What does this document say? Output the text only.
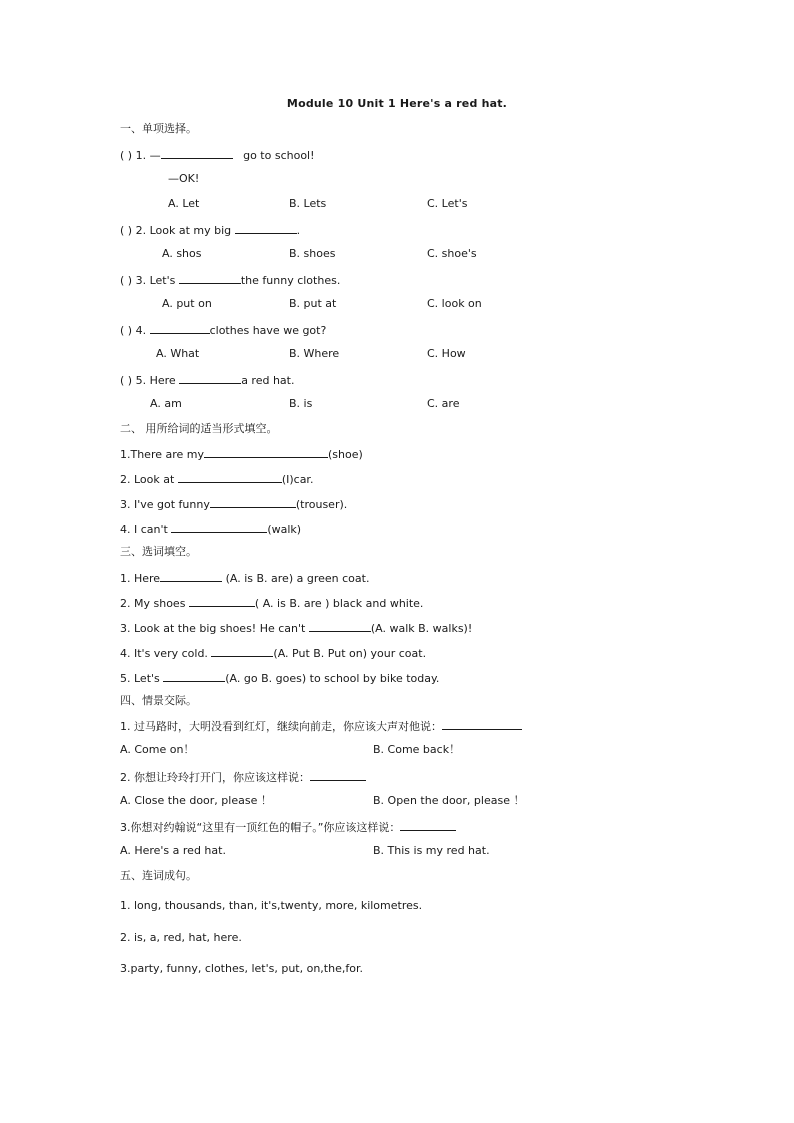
Module 10 Unit 1 Here's a red hat.
一、单项选择。
( ) 1. —	go to school!
—OK!
A. Let	B. Lets	C. Let's
( ) 2. Look at my big	.
A. shos	B. shoes	C. shoe's
( ) 3. Let's	the funny clothes.
A. put on	B. put at	C. look on
( ) 4.	clothes have we got?
A. What	B. Where	C. How
( ) 5. Here	a red hat.
A. am	B. is	C. are
二、 用所给词的适当形式填空。
1.There are my	(shoe)
2. Look at	(I)car.
3. I've got funny	(trouser).
4. I can't	(walk)
三、选词填空。
1. Here	(A. is B. are) a green coat.
2. My shoes	( A. is B. are ) black and white.
3. Look at the big shoes! He can't	(A. walk B. walks)!
4. It's very cold.	(A. Put B. Put on) your coat.
5. Let's	(A. go B. goes) to school by bike today.
四、情景交际。
1. 过马路时，大明没看到红灯，继续向前走，你应该大声对他说：
A. Come on！	B. Come back！
2. 你想让玲玲打开门，你应该这样说：
A. Close the door, please ！	B. Open the door, please ！
3.你想对约翰说“这里有一顶红色的帽子。”你应该这样说：
A. Here's a red hat.	B. This is my red hat.
五、连词成句。
1. long, thousands, than, it's,twenty, more, kilometres.
2. is, a, red, hat, here.
3.party, funny, clothes, let's, put, on,the,for.
